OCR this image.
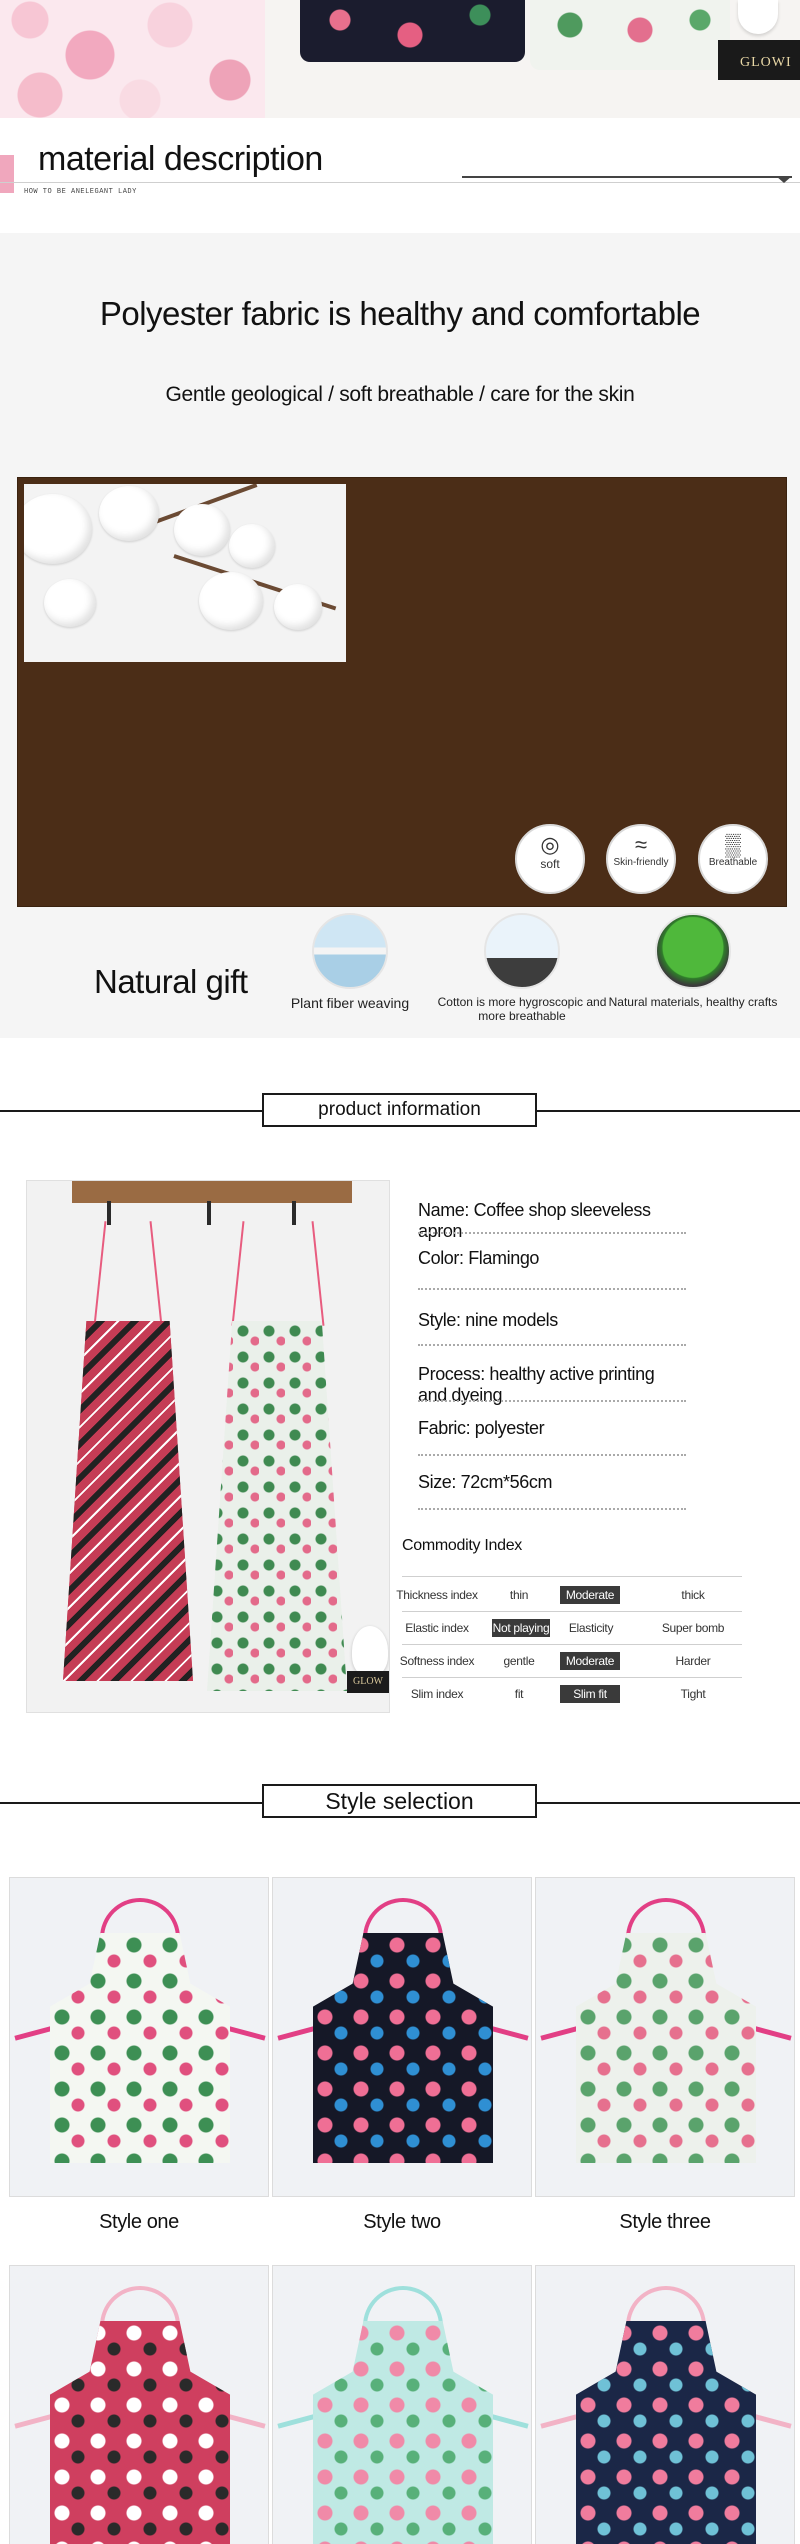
GLOWI
material description
HOW TO BE ANELEGANT LADY
Polyester fabric is healthy and comfortable
Gentle geological / soft breathable / care for the skin
◎
soft
≈
Skin-friendly
▒
Breathable
Natural gift
Plant fiber weaving	Cotton is more hygroscopic and more breathable
Natural materials, healthy crafts
product information
GLOW
Name: Coffee shop sleeveless apron
Color: Flamingo
Style: nine models
Process: healthy active printing and dyeing
Fabric: polyester
Size: 72cm*56cm
Commodity Index
Thickness index	thin	Moderate	thick
Elastic index	Not playing	Elasticity	Super bomb
Softness index	gentle	Moderate	Harder
Slim index	fit	Slim fit	Tight
Style selection
Style one	Style two	Style three
